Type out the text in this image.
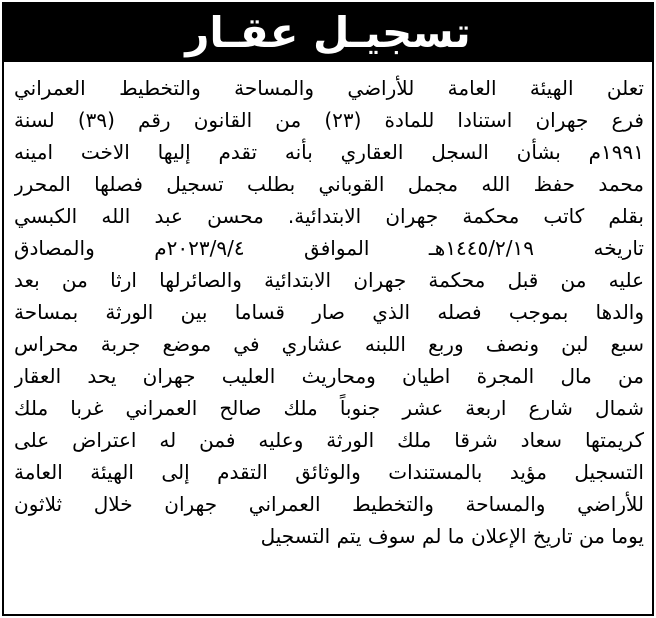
تسجيـل عقـار
تعلن الهيئة العامة للأراضي والمساحة والتخطيط العمراني
فرع جهران استنادا للمادة (٢٣) من القانون رقم (٣٩) لسنة
١٩٩١م بشأن السجل العقاري بأنه تقدم إليها الاخت امينه
محمد حفظ الله مجمل القوباني بطلب تسجيل فصلها المحرر
بقلم كاتب محكمة جهران الابتدائية. محسن عبد الله الكبسي
تاريخه ١٤٤٥/٢/١٩هـ الموافق ٢٠٢٣/٩/٤م والمصادق
عليه من قبل محكمة جهران الابتدائية والصائرلها ارثا من بعد
والدها بموجب فصله الذي صار قساما بين الورثة بمساحة
سبع لبن ونصف وربع اللبنه عشاري في موضع جربة محراس
من مال المجرة اطيان ومحاريث العليب جهران يحد العقار
شمال شارع اربعة عشر جنوباً ملك صالح العمراني غربا ملك
كريمتها سعاد شرقا ملك الورثة وعليه فمن له اعتراض على
التسجيل مؤيد بالمستندات والوثائق التقدم إلى الهيئة العامة
للأراضي والمساحة والتخطيط العمراني جهران خلال ثلاثون
يوما من تاريخ الإعلان ما لم سوف يتم التسجيل
